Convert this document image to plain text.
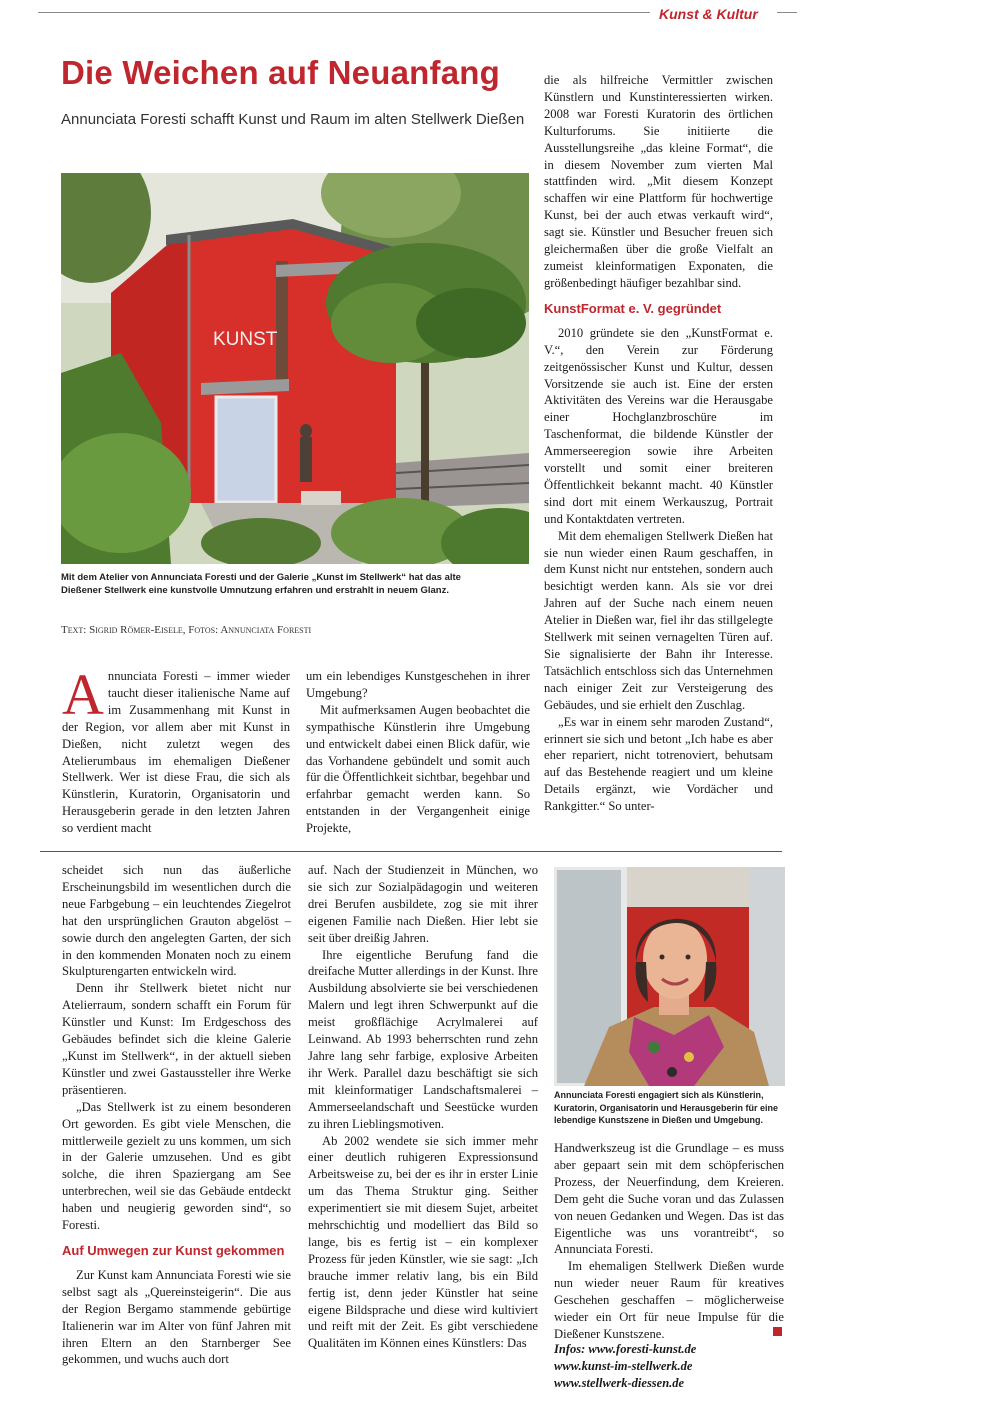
Kunst & Kultur
Die Weichen auf Neuanfang
Annunciata Foresti schafft Kunst und Raum im alten Stellwerk Dießen
KUNST
Mit dem Atelier von Annunciata Foresti und der Galerie „Kunst im Stellwerk“ hat das alte Dießener Stellwerk eine kunstvolle Umnutzung erfahren und erstrahlt in neuem Glanz.
Text: Sigrid Römer-Eisele, Fotos: Annunciata Foresti

Annunciata Foresti – immer wieder taucht dieser italienische Name auf im Zusammenhang mit Kunst in der Region, vor allem aber mit Kunst in Dießen, nicht zuletzt wegen des Atelierumbaus im ehemaligen Dießener Stellwerk. Wer ist diese Frau, die sich als Künstlerin, Kuratorin, Organisatorin und Herausgeberin gerade in den letzten Jahren so verdient macht

um ein lebendiges Kunstgeschehen in ihrer Umgebung?

Mit aufmerksamen Augen beobachtet die sympathische Künstlerin ihre Umgebung und entwickelt dabei einen Blick dafür, wie das Vorhandene gebündelt und somit auch für die Öffentlichkeit sichtbar, begehbar und erfahrbar gemacht werden kann. So entstanden in der Vergangenheit einige Projekte,

die als hilfreiche Vermittler zwischen Künstlern und Kunstinteressierten wirken. 2008 war Foresti Kuratorin des örtlichen Kulturforums. Sie initiierte die Ausstellungsreihe „das kleine Format“, die in diesem November zum vierten Mal stattfinden wird. „Mit diesem Konzept schaffen wir eine Plattform für hochwertige Kunst, bei der auch etwas verkauft wird“, sagt sie. Künstler und Besucher freuen sich gleichermaßen über die große Vielfalt an zumeist kleinformatigen Exponaten, die größenbedingt häufiger bezahlbar sind.

KunstFormat e. V. gegründet

2010 gründete sie den „KunstFormat e. V.“, den Verein zur Förderung zeitgenössischer Kunst und Kultur, dessen Vorsitzende sie auch ist. Eine der ersten Aktivitäten des Vereins war die Herausgabe einer Hochglanzbroschüre im Taschenformat, die bildende Künstler der Ammerseeregion sowie ihre Arbeiten vorstellt und somit einer breiteren Öffentlichkeit bekannt macht. 40 Künstler sind dort mit einem Werkauszug, Portrait und Kontaktdaten vertreten.

Mit dem ehemaligen Stellwerk Dießen hat sie nun wieder einen Raum geschaffen, in dem Kunst nicht nur entstehen, sondern auch besichtigt werden kann. Als sie vor drei Jahren auf der Suche nach einem neuen Atelier in Dießen war, fiel ihr das stillgelegte Stellwerk mit seinen vernagelten Türen auf. Sie signalisierte der Bahn ihr Interesse. Tatsächlich entschloss sich das Unternehmen nach einiger Zeit zur Versteigerung des Gebäudes, und sie erhielt den Zuschlag.

„Es war in einem sehr maroden Zustand“, erinnert sie sich und betont „Ich habe es aber eher repariert, nicht totrenoviert, behutsam auf das Bestehende reagiert und um kleine Details ergänzt, wie Vordächer und Rankgitter.“ So unter-

scheidet sich nun das äußerliche Erscheinungsbild im wesentlichen durch die neue Farbgebung – ein leuchtendes Ziegelrot hat den ursprünglichen Grauton abgelöst – sowie durch den angelegten Garten, der sich in den kommenden Monaten noch zu einem Skulpturengarten entwickeln wird.

Denn ihr Stellwerk bietet nicht nur Atelierraum, sondern schafft ein Forum für Künstler und Kunst: Im Erdgeschoss des Gebäudes befindet sich die kleine Galerie „Kunst im Stellwerk“, in der aktuell sieben Künstler und zwei Gastaussteller ihre Werke präsentieren.

„Das Stellwerk ist zu einem besonderen Ort geworden. Es gibt viele Menschen, die mittlerweile gezielt zu uns kommen, um sich in der Galerie umzusehen. Und es gibt solche, die ihren Spaziergang am See unterbrechen, weil sie das Gebäude entdeckt haben und neugierig geworden sind“, so Foresti.

Auf Umwegen zur Kunst gekommen

Zur Kunst kam Annunciata Foresti wie sie selbst sagt als „Quereinsteigerin“. Die aus der Region Bergamo stammende gebürtige Italienerin war im Alter von fünf Jahren mit ihren Eltern an den Starnberger See gekommen, und wuchs auch dort

auf. Nach der Studienzeit in München, wo sie sich zur Sozialpädagogin und weiteren drei Berufen ausbildete, zog sie mit ihrer eigenen Familie nach Dießen. Hier lebt sie seit über dreißig Jahren.

Ihre eigentliche Berufung fand die dreifache Mutter allerdings in der Kunst. Ihre Ausbildung absolvierte sie bei verschiedenen Malern und legt ihren Schwerpunkt auf die meist großflächige Acrylmalerei auf Leinwand. Ab 1993 beherrschten rund zehn Jahre lang sehr farbige, explosive Arbeiten ihr Werk. Parallel dazu beschäftigt sie sich mit kleinformatiger Landschaftsmalerei – Ammerseelandschaft und Seestücke wurden zu ihren Lieblingsmotiven.

Ab 2002 wendete sie sich immer mehr einer deutlich ruhigeren Expressionsund Arbeitsweise zu, bei der es ihr in erster Linie um das Thema Struktur ging. Seither experimentiert sie mit diesem Sujet, arbeitet mehrschichtig und modelliert das Bild so lange, bis es fertig ist – ein komplexer Prozess für jeden Künstler, wie sie sagt: „Ich brauche immer relativ lang, bis ein Bild fertig ist, denn jeder Künstler hat seine eigene Bildsprache und diese wird kultiviert und reift mit der Zeit. Es gibt verschiedene Qualitäten im Können eines Künstlers: Das

Annunciata Foresti engagiert sich als Künstlerin, Kuratorin, Organisatorin und Herausgeberin für eine lebendige Kunstszene in Dießen und Umgebung.

Handwerkszeug ist die Grundlage – es muss aber gepaart sein mit dem schöpferischen Prozess, der Neuerfindung, dem Kreieren. Dem geht die Suche voran und das Zulassen von neuen Gedanken und Wegen. Das ist das Eigentliche was uns vorantreibt“, so Annunciata Foresti.

Im ehemaligen Stellwerk Dießen wurde nun wieder neuer Raum für kreatives Geschehen geschaffen – möglicherweise wieder ein Ort für neue Impulse für die Dießener Kunstszene.

Infos: www.foresti-kunst.de
www.kunst-im-stellwerk.de
www.stellwerk-diessen.de
